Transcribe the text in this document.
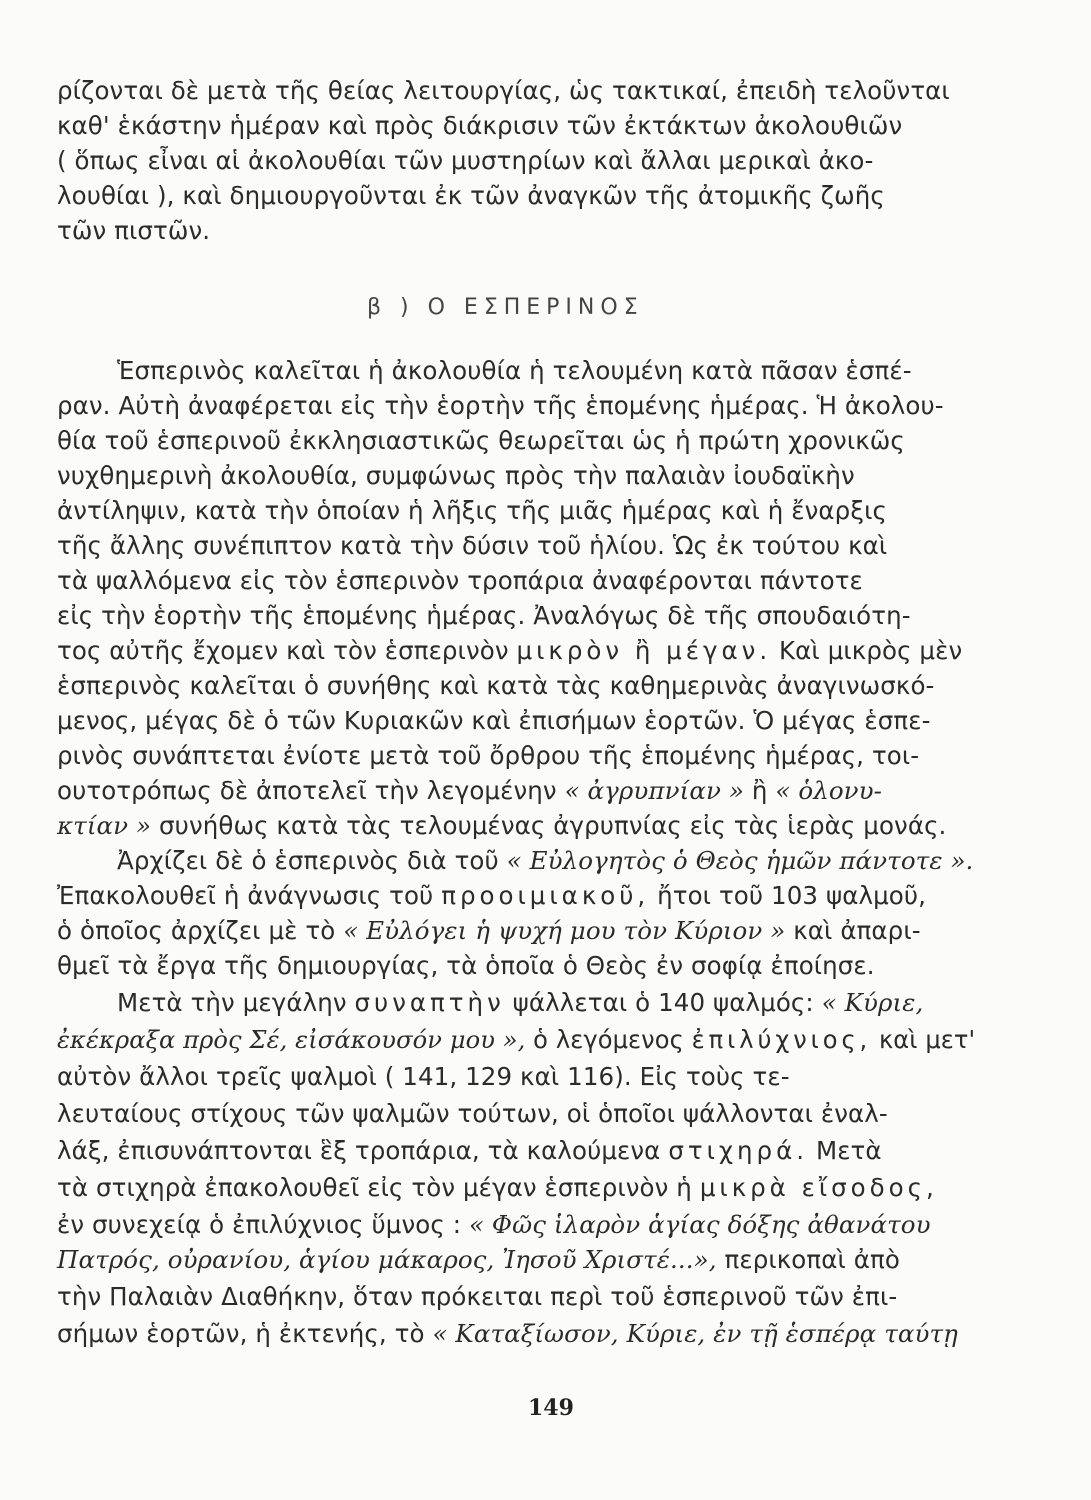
ρίζονται δὲ μετὰ τῆς θείας λειτουργίας, ὡς τακτικαί, ἐπειδὴ τελοῦνται
καθ' ἑκάστην ἡμέραν καὶ πρὸς διάκρισιν τῶν ἐκτάκτων ἀκολουθιῶν
( ὅπως εἶναι αἱ ἀκολουθίαι τῶν μυστηρίων καὶ ἄλλαι μερικαὶ ἀκο-
λουθίαι ), καὶ δημιουργοῦνται ἐκ τῶν ἀναγκῶν τῆς ἀτομικῆς ζωῆς
τῶν πιστῶν.
β ) Ο ΕΣΠΕΡΙΝΟΣ
Ἑσπερινὸς καλεῖται ἡ ἀκολουθία ἡ τελουμένη κατὰ πᾶσαν ἑσπέ-
ραν. Αὐτὴ ἀναφέρεται εἰς τὴν ἑορτὴν τῆς ἑπομένης ἡμέρας. Ἡ ἀκολου-
θία τοῦ ἑσπερινοῦ ἐκκλησιαστικῶς θεωρεῖται ὡς ἡ πρώτη χρονικῶς
νυχθημερινὴ ἀκολουθία, συμφώνως πρὸς τὴν παλαιὰν ἰουδαϊκὴν
ἀντίληψιν, κατὰ τὴν ὁποίαν ἡ λῆξις τῆς μιᾶς ἡμέρας καὶ ἡ ἔναρξις
τῆς ἄλλης συνέπιπτον κατὰ τὴν δύσιν τοῦ ἡλίου. Ὡς ἐκ τούτου καὶ
τὰ ψαλλόμενα εἰς τὸν ἑσπερινὸν τροπάρια ἀναφέρονται πάντοτε
εἰς τὴν ἑορτὴν τῆς ἑπομένης ἡμέρας. Ἀναλόγως δὲ τῆς σπουδαιότη-
τος αὐτῆς ἔχομεν καὶ τὸν ἑσπερινὸν μικρὸν ἢ μέγαν. Καὶ μικρὸς μὲν
ἑσπερινὸς καλεῖται ὁ συνήθης καὶ κατὰ τὰς καθημερινὰς ἀναγινωσκό-
μενος, μέγας δὲ ὁ τῶν Κυριακῶν καὶ ἐπισήμων ἑορτῶν. Ὁ μέγας ἑσπε-
ρινὸς συνάπτεται ἐνίοτε μετὰ τοῦ ὄρθρου τῆς ἑπομένης ἡμέρας, τοι-
ουτοτρόπως δὲ ἀποτελεῖ τὴν λεγομένην « ἀγρυπνίαν » ἢ « ὁλονυ-
κτίαν » συνήθως κατὰ τὰς τελουμένας ἀγρυπνίας εἰς τὰς ἱερὰς μονάς.
Ἀρχίζει δὲ ὁ ἑσπερινὸς διὰ τοῦ « Εὐλογητὸς ὁ Θεὸς ἡμῶν πάντοτε ».
Ἐπακολουθεῖ ἡ ἀνάγνωσις τοῦ προοιμιακοῦ, ἤτοι τοῦ 103 ψαλμοῦ,
ὁ ὁποῖος ἀρχίζει μὲ τὸ « Εὐλόγει ἡ ψυχή μου τὸν Κύριον » καὶ ἀπαρι-
θμεῖ τὰ ἔργα τῆς δημιουργίας, τὰ ὁποῖα ὁ Θεὸς ἐν σοφίᾳ ἐποίησε.
Μετὰ τὴν μεγάλην συναπτὴν ψάλλεται ὁ 140 ψαλμός: « Κύριε,
ἐκέκραξα πρὸς Σέ, εἰσάκουσόν μου », ὁ λεγόμενος ἐπιλύχνιος, καὶ μετ'
αὐτὸν ἄλλοι τρεῖς ψαλμοὶ ( 141, 129 καὶ 116). Εἰς τοὺς τε-
λευταίους στίχους τῶν ψαλμῶν τούτων, οἱ ὁποῖοι ψάλλονται ἐναλ-
λάξ, ἐπισυνάπτονται ἓξ τροπάρια, τὰ καλούμενα στιχηρά. Μετὰ
τὰ στιχηρὰ ἐπακολουθεῖ εἰς τὸν μέγαν ἑσπερινὸν ἡ μικρὰ εἴσοδος,
ἐν συνεχείᾳ ὁ ἐπιλύχνιος ὕμνος : « Φῶς ἱλαρὸν ἁγίας δόξης ἀθανάτου
Πατρός, οὐρανίου, ἁγίου μάκαρος, Ἰησοῦ Χριστέ...», περικοπαὶ ἀπὸ
τὴν Παλαιὰν Διαθήκην, ὅταν πρόκειται περὶ τοῦ ἑσπερινοῦ τῶν ἐπι-
σήμων ἑορτῶν, ἡ ἐκτενής, τὸ « Καταξίωσον, Κύριε, ἐν τῇ ἑσπέρᾳ ταύτῃ
149
